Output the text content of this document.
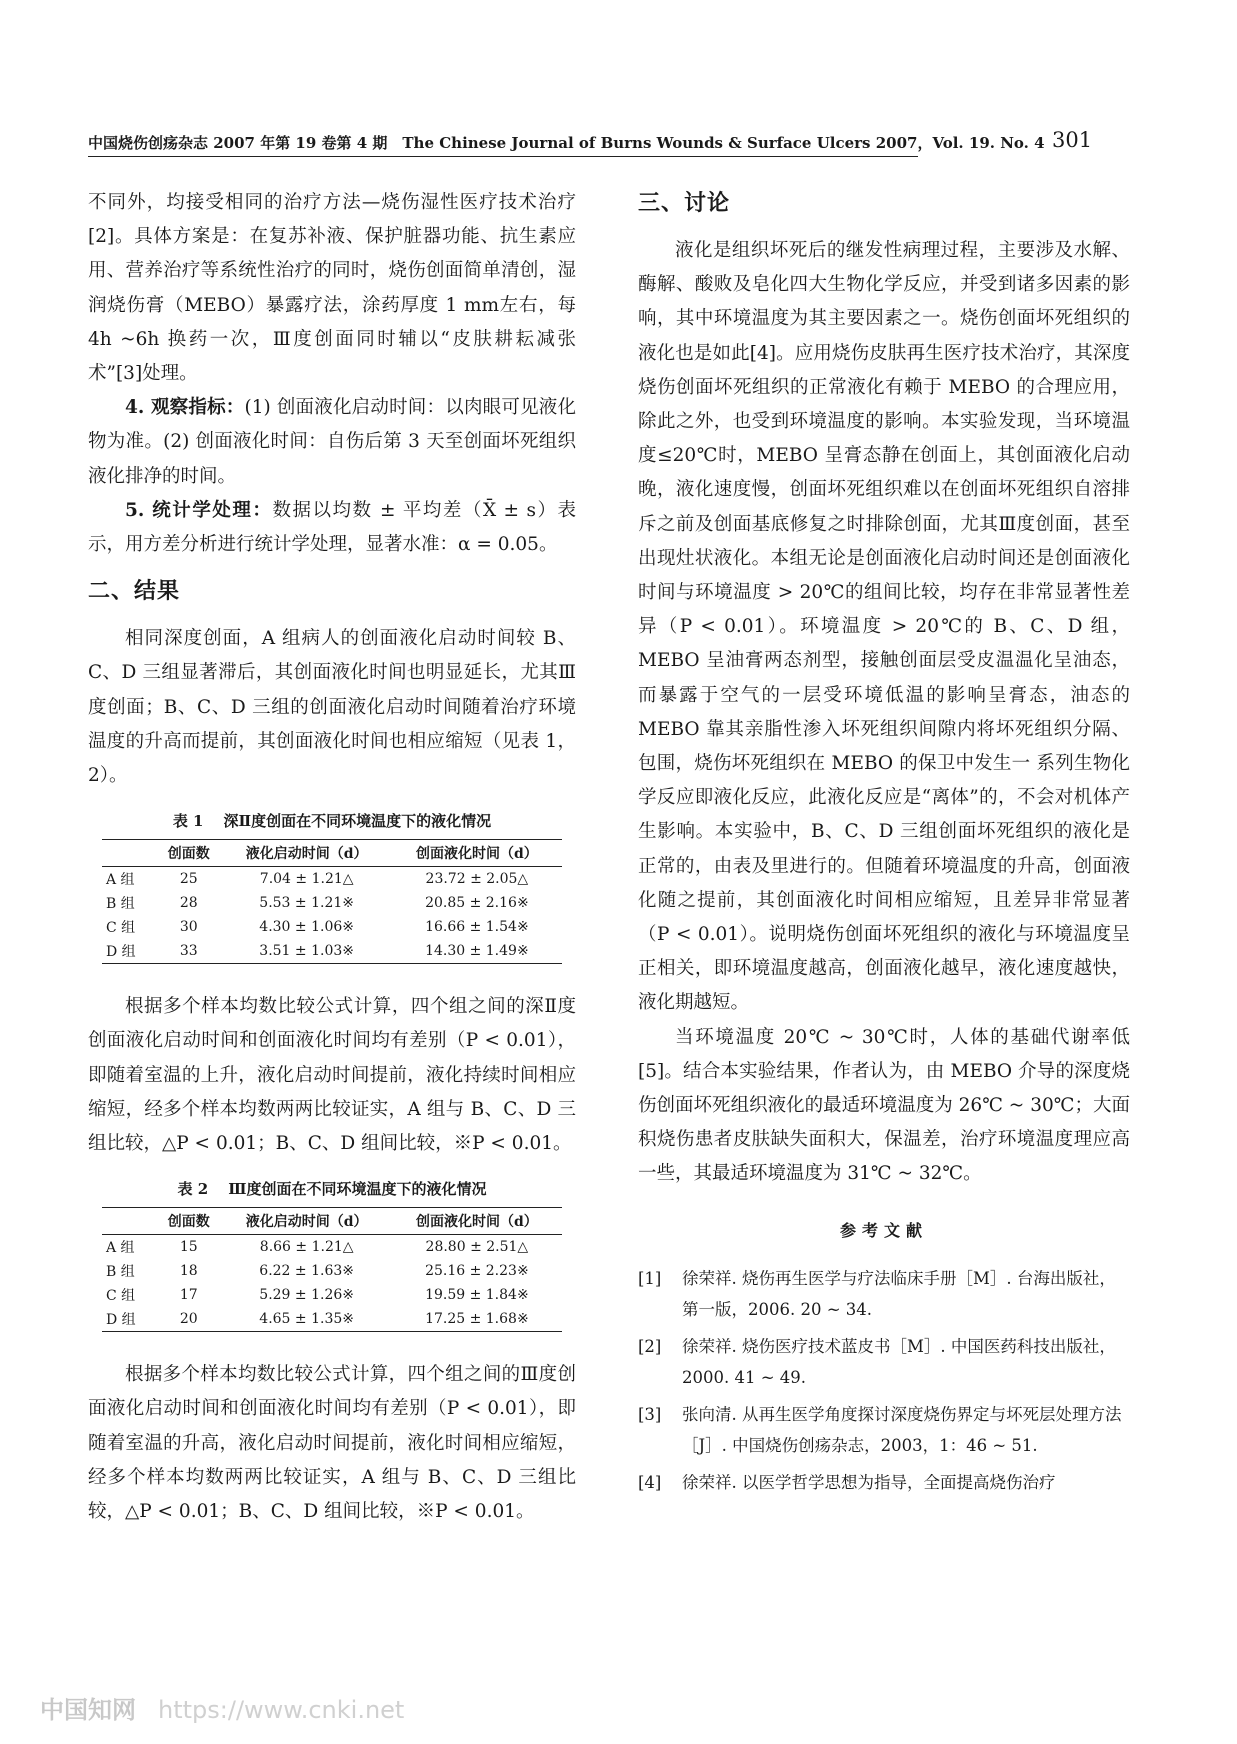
中国烧伤创疡杂志 2007 年第 19 卷第 4 期　The Chinese Journal of Burns Wounds & Surface Ulcers 2007，Vol. 19. No. 4 301

不同外，均接受相同的治疗方法—烧伤湿性医疗技术治疗[2]。具体方案是：在复苏补液、保护脏器功能、抗生素应用、营养治疗等系统性治疗的同时，烧伤创面简单清创，湿润烧伤膏（MEBO）暴露疗法，涂药厚度 1 mm左右，每 4h ~6h 换药一次，Ⅲ度创面同时辅以“皮肤耕耘减张术”[3]处理。

4. 观察指标：(1) 创面液化启动时间：以肉眼可见液化物为准。(2) 创面液化时间：自伤后第 3 天至创面坏死组织液化排净的时间。

5. 统计学处理：数据以均数 ± 平均差（X̄ ± s）表示，用方差分析进行统计学处理，显著水准：α = 0.05。

二、结果

相同深度创面，A 组病人的创面液化启动时间较 B、C、D 三组显著滞后，其创面液化时间也明显延长，尤其Ⅲ度创面；B、C、D 三组的创面液化启动时间随着治疗环境温度的升高而提前，其创面液化时间也相应缩短（见表 1，2）。

表 1 深Ⅱ度创面在不同环境温度下的液化情况
	创面数	液化启动时间（d）	创面液化时间（d）
A 组	25	7.04 ± 1.21△	23.72 ± 2.05△
B 组	28	5.53 ± 1.21※	20.85 ± 2.16※
C 组	30	4.30 ± 1.06※	16.66 ± 1.54※
D 组	33	3.51 ± 1.03※	14.30 ± 1.49※

根据多个样本均数比较公式计算，四个组之间的深Ⅱ度创面液化启动时间和创面液化时间均有差别（P < 0.01），即随着室温的上升，液化启动时间提前，液化持续时间相应缩短，经多个样本均数两两比较证实，A 组与 B、C、D 三组比较，△P < 0.01；B、C、D 组间比较，※P < 0.01。

表 2 Ⅲ度创面在不同环境温度下的液化情况
	创面数	液化启动时间（d）	创面液化时间（d）
A 组	15	8.66 ± 1.21△	28.80 ± 2.51△
B 组	18	6.22 ± 1.63※	25.16 ± 2.23※
C 组	17	5.29 ± 1.26※	19.59 ± 1.84※
D 组	20	4.65 ± 1.35※	17.25 ± 1.68※

根据多个样本均数比较公式计算，四个组之间的Ⅲ度创面液化启动时间和创面液化时间均有差别（P < 0.01），即随着室温的升高，液化启动时间提前，液化时间相应缩短，经多个样本均数两两比较证实，A 组与 B、C、D 三组比较，△P < 0.01；B、C、D 组间比较，※P < 0.01。

三、讨论

液化是组织坏死后的继发性病理过程，主要涉及水解、酶解、酸败及皂化四大生物化学反应，并受到诸多因素的影响，其中环境温度为其主要因素之一。烧伤创面坏死组织的液化也是如此[4]。应用烧伤皮肤再生医疗技术治疗，其深度烧伤创面坏死组织的正常液化有赖于 MEBO 的合理应用，除此之外，也受到环境温度的影响。本实验发现，当环境温度≤20℃时，MEBO 呈膏态静在创面上，其创面液化启动晚，液化速度慢，创面坏死组织难以在创面坏死组织自溶排斥之前及创面基底修复之时排除创面，尤其Ⅲ度创面，甚至出现灶状液化。本组无论是创面液化启动时间还是创面液化时间与环境温度 > 20℃的组间比较，均存在非常显著性差异（P < 0.01）。环境温度 > 20℃的 B、C、D 组，MEBO 呈油膏两态剂型，接触创面层受皮温温化呈油态，而暴露于空气的一层受环境低温的影响呈膏态，油态的 MEBO 靠其亲脂性渗入坏死组织间隙内将坏死组织分隔、包围，烧伤坏死组织在 MEBO 的保卫中发生一 系列生物化学反应即液化反应，此液化反应是“离体”的，不会对机体产生影响。本实验中，B、C、D 三组创面坏死组织的液化是正常的，由表及里进行的。但随着环境温度的升高，创面液化随之提前，其创面液化时间相应缩短，且差异非常显著（P < 0.01）。说明烧伤创面坏死组织的液化与环境温度呈正相关，即环境温度越高，创面液化越早，液化速度越快，液化期越短。

当环境温度 20℃ ~ 30℃时，人体的基础代谢率低[5]。结合本实验结果，作者认为，由 MEBO 介导的深度烧伤创面坏死组织液化的最适环境温度为 26℃ ~ 30℃；大面积烧伤患者皮肤缺失面积大，保温差，治疗环境温度理应高一些，其最适环境温度为 31℃ ~ 32℃。

参考文献
[1] 徐荣祥. 烧伤再生医学与疗法临床手册［M］. 台海出版社，第一版，2006. 20 ~ 34.
[2] 徐荣祥. 烧伤医疗技术蓝皮书［M］. 中国医药科技出版社，2000. 41 ~ 49.
[3] 张向清. 从再生医学角度探讨深度烧伤界定与坏死层处理方法［J］. 中国烧伤创疡杂志，2003，1：46 ~ 51.
[4] 徐荣祥. 以医学哲学思想为指导，全面提高烧伤治疗
中国知网 https://www.cnki.net
